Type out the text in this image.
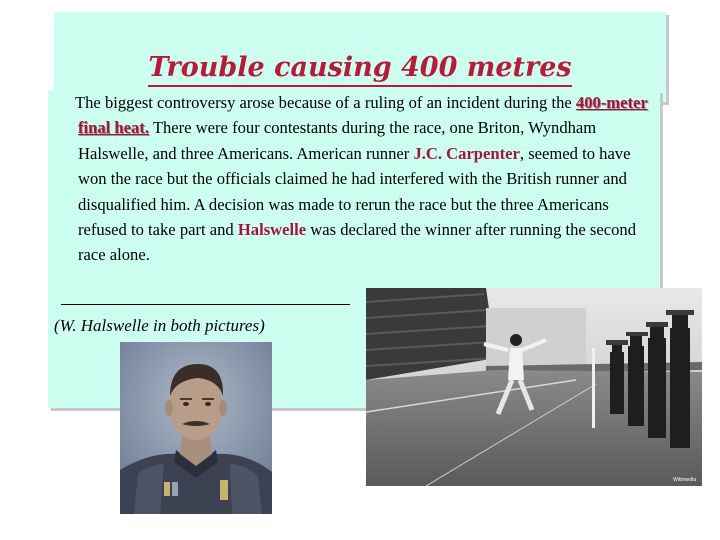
Trouble causing 400 metres

The biggest controversy arose because of a ruling of an incident during the 400-meter final heat. There were four contestants during the race, one Briton, Wyndham Halswelle, and three Americans. American runner J.C. Carpenter, seemed to have won the race but the officials claimed he had interfered with the British runner and disqualified him. A decision was made to rerun the race but the three Americans refused to take part and Halswelle was declared the winner after running the second race alone.

(W. Halswelle in both pictures)

Wikimedia
